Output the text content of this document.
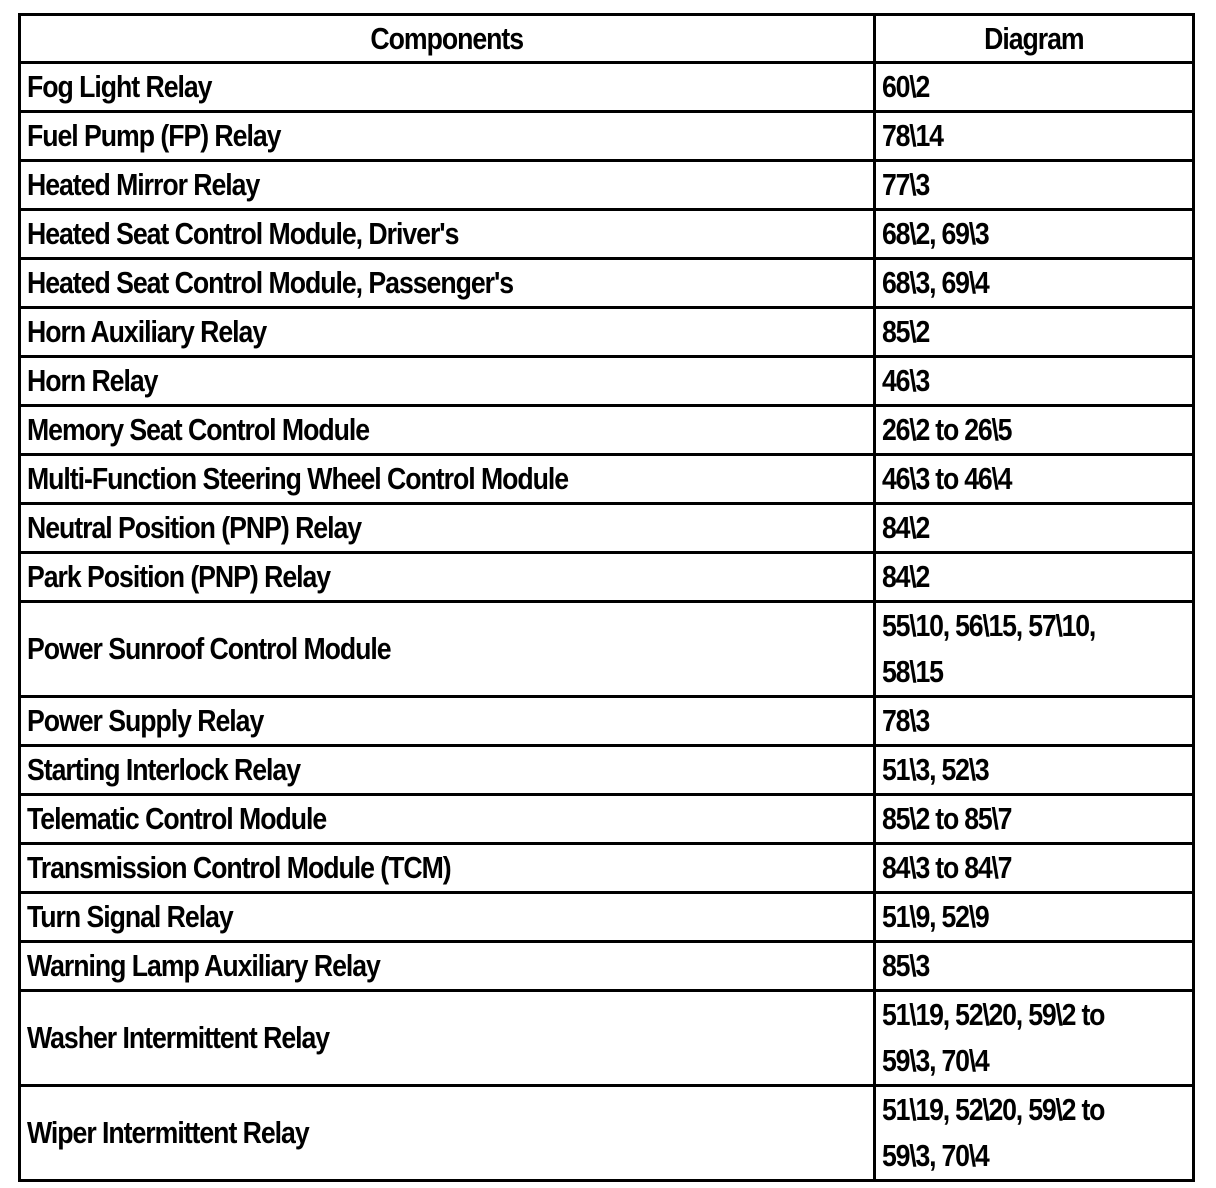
Components	Diagram
Fog Light Relay	60\2
Fuel Pump (FP) Relay	78\14
Heated Mirror Relay	77\3
Heated Seat Control Module, Driver's	68\2, 69\3
Heated Seat Control Module, Passenger's	68\3, 69\4
Horn Auxiliary Relay	85\2
Horn Relay	46\3
Memory Seat Control Module	26\2 to 26\5
Multi-Function Steering Wheel Control Module	46\3 to 46\4
Neutral Position (PNP) Relay	84\2
Park Position (PNP) Relay	84\2
Power Sunroof Control Module	55\10, 56\15, 57\10,
58\15
Power Supply Relay	78\3
Starting Interlock Relay	51\3, 52\3
Telematic Control Module	85\2 to 85\7
Transmission Control Module (TCM)	84\3 to 84\7
Turn Signal Relay	51\9, 52\9
Warning Lamp Auxiliary Relay	85\3
Washer Intermittent Relay	51\19, 52\20, 59\2 to
59\3, 70\4
Wiper Intermittent Relay	51\19, 52\20, 59\2 to
59\3, 70\4
